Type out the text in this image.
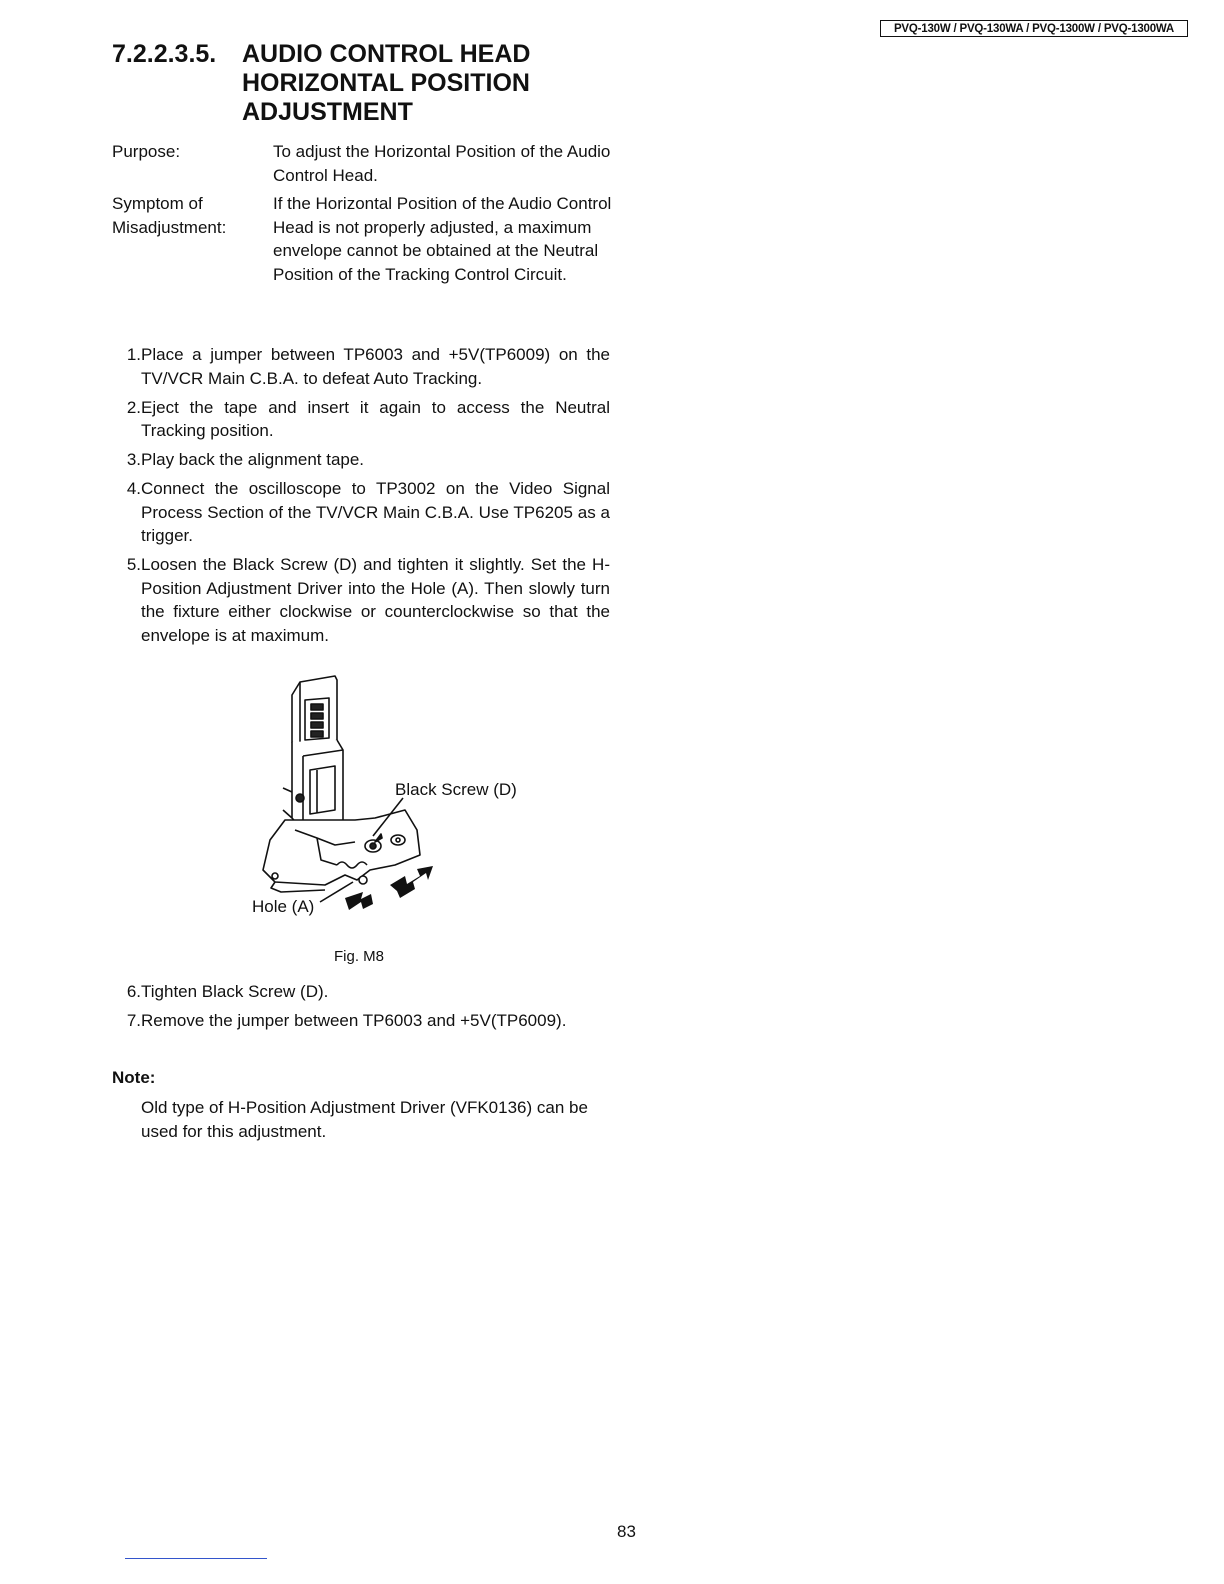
PVQ-130W / PVQ-130WA / PVQ-1300W / PVQ-1300WA
7.2.2.3.5. AUDIO CONTROL HEAD HORIZONTAL POSITION ADJUSTMENT
Purpose:	To adjust the Horizontal Position of the Audio Control Head.
Symptom of
Misadjustment:
If the Horizontal Position of the Audio Control Head is not properly adjusted, a maximum envelope cannot be obtained at the Neutral Position of the Tracking Control Circuit.
1. Place a jumper between TP6003 and +5V(TP6009) on the TV/VCR Main C.B.A. to defeat Auto Tracking.
2. Eject the tape and insert it again to access the Neutral Tracking position.
3. Play back the alignment tape.
4. Connect the oscilloscope to TP3002 on the Video Signal Process Section of the TV/VCR Main C.B.A. Use TP6205 as a trigger.
5. Loosen the Black Screw (D) and tighten it slightly. Set the H-Position Adjustment Driver into the Hole (A). Then slowly turn the fixture either clockwise or counterclockwise so that the envelope is at maximum.
Black Screw (D)
Hole (A)
Fig. M8
6. Tighten Black Screw (D).
7. Remove the jumper between TP6003 and +5V(TP6009).
Note:
Old type of H-Position Adjustment Driver (VFK0136) can be used for this adjustment.
83
